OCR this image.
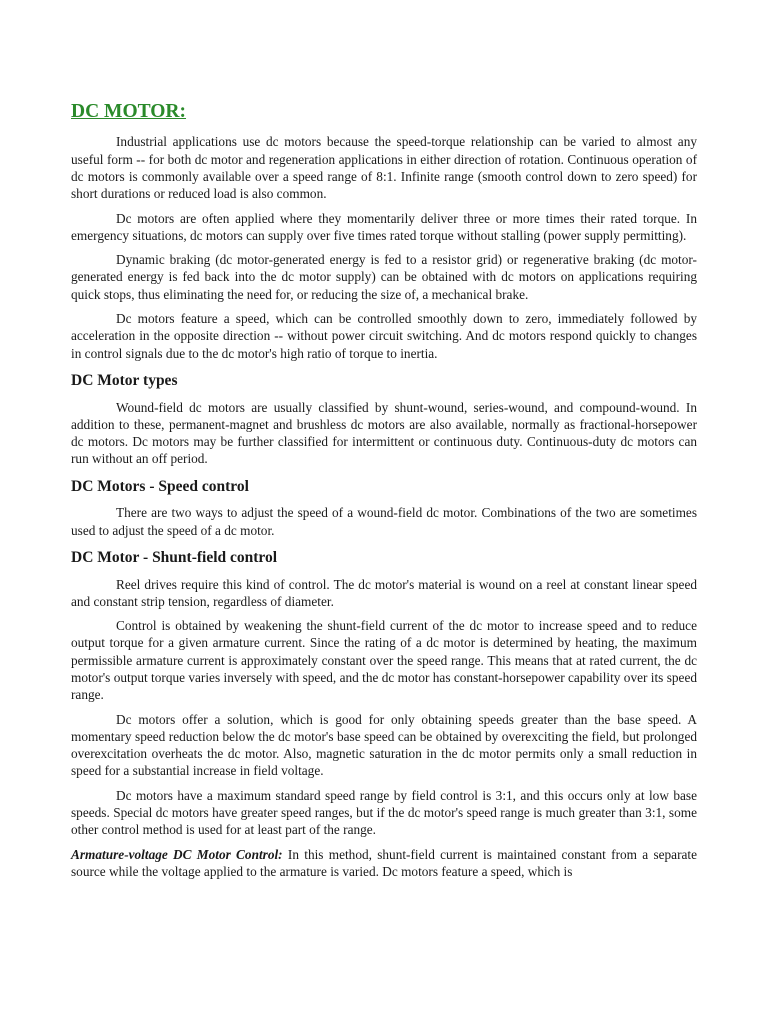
DC MOTOR:

Industrial applications use dc motors because the speed-torque relationship can be varied to almost any useful form -- for both dc motor and regeneration applications in either direction of rotation. Continuous operation of dc motors is commonly available over a speed range of 8:1. Infinite range (smooth control down to zero speed) for short durations or reduced load is also common.

Dc motors are often applied where they momentarily deliver three or more times their rated torque. In emergency situations, dc motors can supply over five times rated torque without stalling (power supply permitting).

Dynamic braking (dc motor-generated energy is fed to a resistor grid) or regenerative braking (dc motor-generated energy is fed back into the dc motor supply) can be obtained with dc motors on applications requiring quick stops, thus eliminating the need for, or reducing the size of, a mechanical brake.

Dc motors feature a speed, which can be controlled smoothly down to zero, immediately followed by acceleration in the opposite direction -- without power circuit switching. And dc motors respond quickly to changes in control signals due to the dc motor's high ratio of torque to inertia.

DC Motor types

Wound-field dc motors are usually classified by shunt-wound, series-wound, and compound-wound. In addition to these, permanent-magnet and brushless dc motors are also available, normally as fractional-horsepower dc motors. Dc motors may be further classified for intermittent or continuous duty. Continuous-duty dc motors can run without an off period.

DC Motors - Speed control

There are two ways to adjust the speed of a wound-field dc motor. Combinations of the two are sometimes used to adjust the speed of a dc motor.

DC Motor - Shunt-field control

Reel drives require this kind of control. The dc motor's material is wound on a reel at constant linear speed and constant strip tension, regardless of diameter.

Control is obtained by weakening the shunt-field current of the dc motor to increase speed and to reduce output torque for a given armature current. Since the rating of a dc motor is determined by heating, the maximum permissible armature current is approximately constant over the speed range. This means that at rated current, the dc motor's output torque varies inversely with speed, and the dc motor has constant-horsepower capability over its speed range.

Dc motors offer a solution, which is good for only obtaining speeds greater than the base speed. A momentary speed reduction below the dc motor's base speed can be obtained by overexciting the field, but prolonged overexcitation overheats the dc motor. Also, magnetic saturation in the dc motor permits only a small reduction in speed for a substantial increase in field voltage.

Dc motors have a maximum standard speed range by field control is 3:1, and this occurs only at low base speeds. Special dc motors have greater speed ranges, but if the dc motor's speed range is much greater than 3:1, some other control method is used for at least part of the range.

Armature-voltage DC Motor Control: In this method, shunt-field current is maintained constant from a separate source while the voltage applied to the armature is varied. Dc motors feature a speed, which is
